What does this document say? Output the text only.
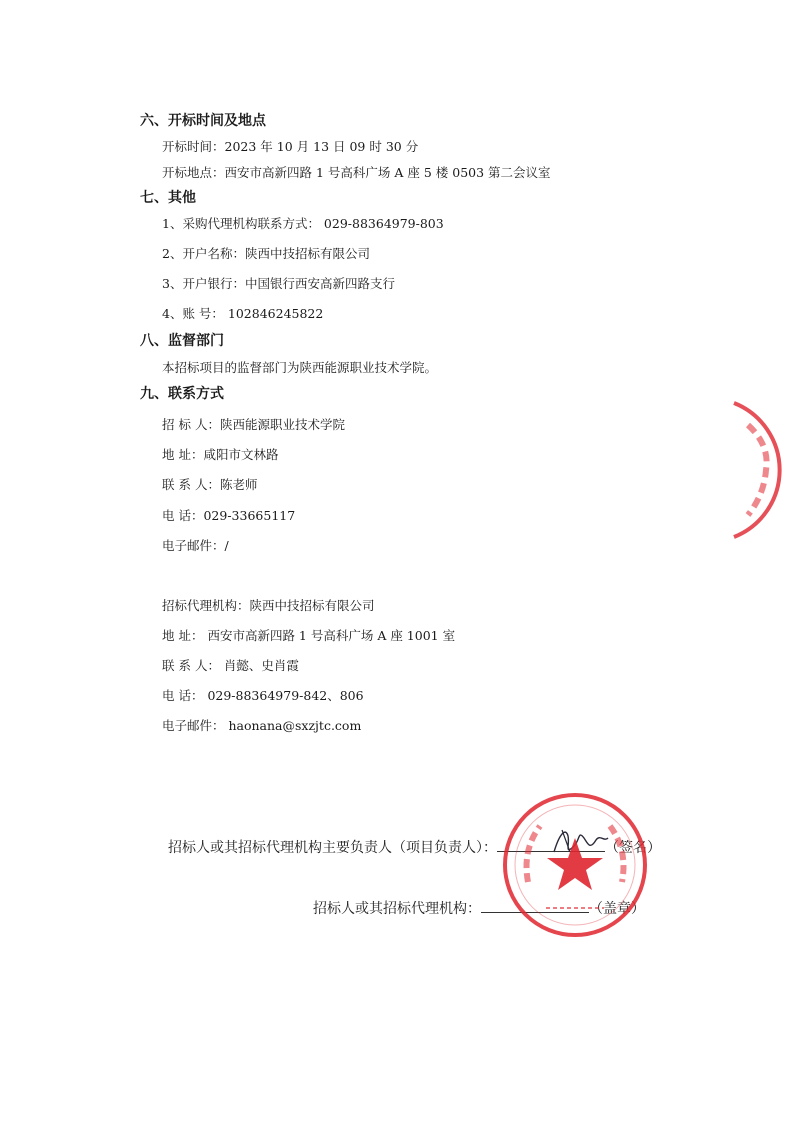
六、开标时间及地点
开标时间：2023 年 10 月 13 日 09 时 30 分
开标地点：西安市高新四路 1 号高科广场 A 座 5 楼 0503 第二会议室
七、其他
1、采购代理机构联系方式： 029-88364979-803
2、开户名称：陕西中技招标有限公司
3、开户银行：中国银行西安高新四路支行
4、账 号： 102846245822
八、监督部门
本招标项目的监督部门为陕西能源职业技术学院。
九、联系方式
招 标 人：陕西能源职业技术学院
地 址：咸阳市文林路
联 系 人：陈老师
电 话：029-33665117
电子邮件：/
招标代理机构：陕西中技招标有限公司
地 址： 西安市高新四路 1 号高科广场 A 座 1001 室
联 系 人： 肖懿、史肖霞
电 话： 029-88364979-842、806
电子邮件： haonana@sxzjtc.com
招标人或其招标代理机构主要负责人（项目负责人）：	（签名）
招标人或其招标代理机构：	（盖章）
